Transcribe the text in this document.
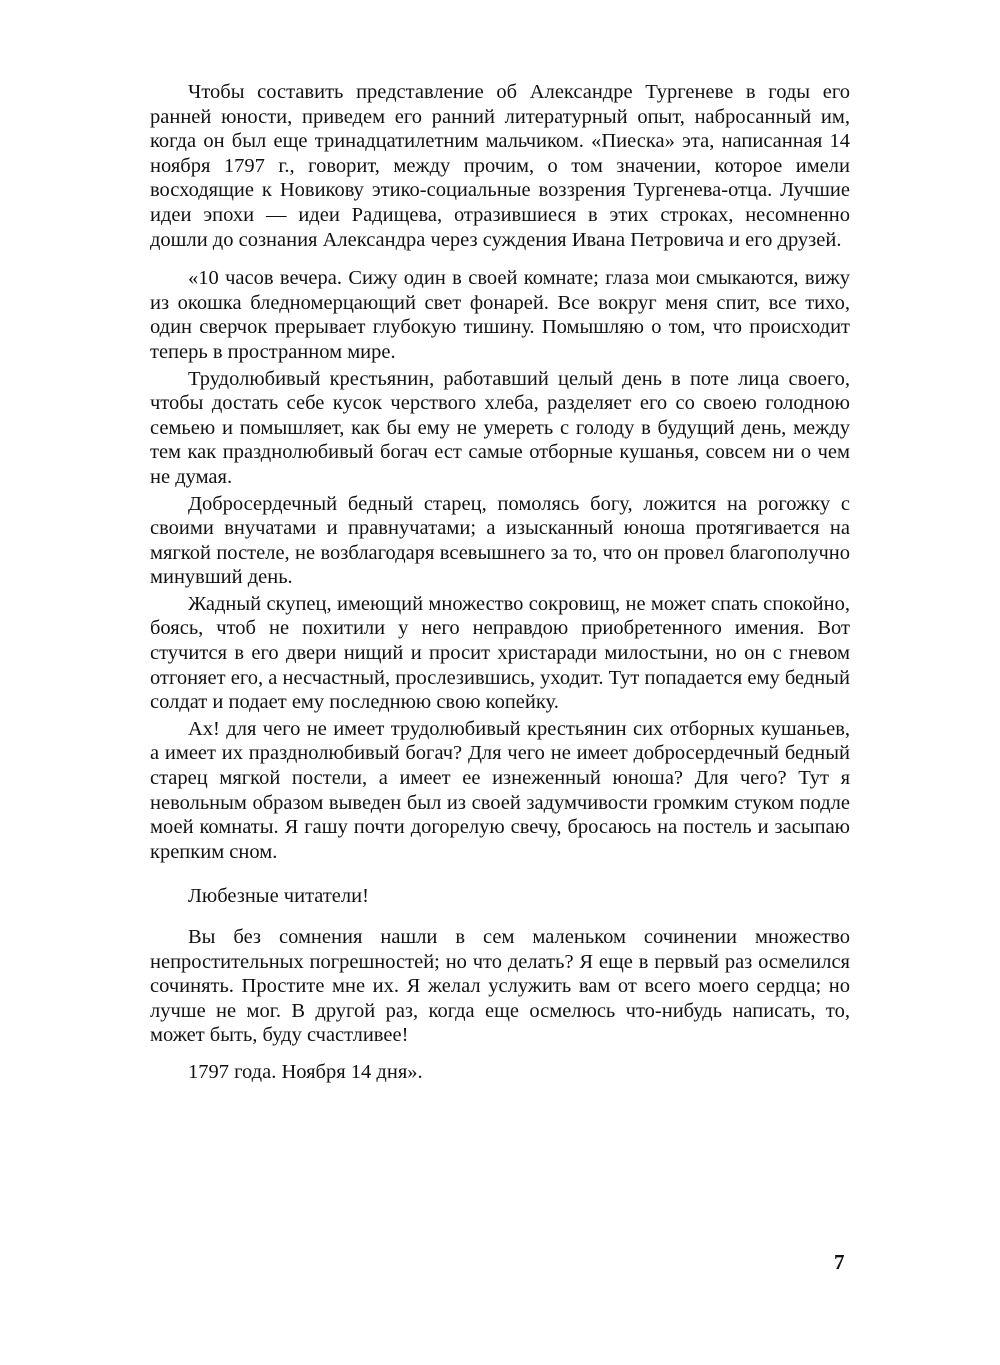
Чтобы составить представление об Александре Тургеневе в годы его ранней юности, приведем его ранний литературный опыт, набросанный им, когда он был еще тринадцатилетним мальчиком. «Пиеска» эта, написанная 14 ноября 1797 г., говорит, между прочим, о том значении, которое имели восходящие к Новикову этико-социальные воззрения Тургенева-отца. Лучшие идеи эпохи — идеи Радищева, отразившиеся в этих строках, несомненно дошли до сознания Александра через суждения Ивана Петровича и его друзей.

«10 часов вечера. Сижу один в своей комнате; глаза мои смыкаются, вижу из окошка бледномерцающий свет фонарей. Все вокруг меня спит, все тихо, один сверчок прерывает глубокую тишину. Помышляю о том, что происходит теперь в пространном мире.

Трудолюбивый крестьянин, работавший целый день в поте лица своего, чтобы достать себе кусок черствого хлеба, разделяет его со своею голодною семьею и помышляет, как бы ему не умереть с голоду в будущий день, между тем как празднолюбивый богач ест самые отборные кушанья, совсем ни о чем не думая.

Добросердечный бедный старец, помолясь богу, ложится на рогожку с своими внучатами и правнучатами; а изысканный юноша протягивается на мягкой постеле, не возблагодаря всевышнего за то, что он провел благополучно минувший день.

Жадный скупец, имеющий множество сокровищ, не может спать спокойно, боясь, чтоб не похитили у него неправдою приобретенного имения. Вот стучится в его двери нищий и просит христаради милостыни, но он с гневом отгоняет его, а несчастный, прослезившись, уходит. Тут попадается ему бедный солдат и подает ему последнюю свою копейку.

Ах! для чего не имеет трудолюбивый крестьянин сих отборных кушаньев, а имеет их празднолюбивый богач? Для чего не имеет добросердечный бедный старец мягкой постели, а имеет ее изнеженный юноша? Для чего? Тут я невольным образом выведен был из своей задумчивости громким стуком подле моей комнаты. Я гашу почти догорелую свечу, бросаюсь на постель и засыпаю крепким сном.

Любезные читатели!

Вы без сомнения нашли в сем маленьком сочинении множество непростительных погрешностей; но что делать? Я еще в первый раз осмелился сочинять. Простите мне их. Я желал услужить вам от всего моего сердца; но лучше не мог. В другой раз, когда еще осмелюсь что-нибудь написать, то, может быть, буду счастливее!

1797 года. Ноября 14 дня».

7
